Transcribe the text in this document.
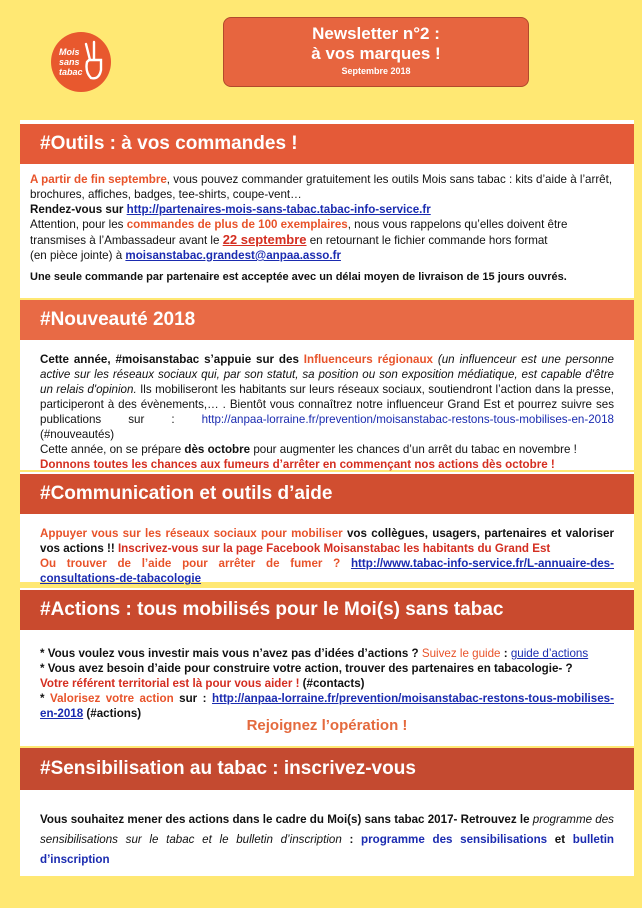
Mois
sans
tabac
Newsletter n°2 :
à vos marques !
Septembre 2018
#Outils : à vos commandes !
A partir de fin septembre, vous pouvez commander gratuitement les outils Mois sans tabac : kits d’aide à l’arrêt, brochures, affiches, badges, tee-shirts, coupe-vent…
Rendez-vous sur http://partenaires-mois-sans-tabac.tabac-info-service.fr
Attention, pour les commandes de plus de 100 exemplaires, nous vous rappelons qu’elles doivent être transmises à l’Ambassadeur avant le 22 septembre en retournant le fichier commande hors format
(en pièce jointe) à moisanstabac.grandest@anpaa.asso.fr
Une seule commande par partenaire est acceptée avec un délai moyen de livraison de 15 jours ouvrés.
#Nouveauté 2018
Cette année, #moisanstabac s’appuie sur des Influenceurs régionaux (un influenceur est une personne active sur les réseaux sociaux qui, par son statut, sa position ou son exposition médiatique, est capable d'être un relais d'opinion. Ils mobiliseront les habitants sur leurs réseaux sociaux, soutiendront l’action dans la presse, participeront à des évènements,… . Bientôt vous connaîtrez notre influenceur Grand Est et pourrez suivre ses publications sur : http://anpaa-lorraine.fr/prevention/moisanstabac-restons-tous-mobilises-en-2018 (#nouveautés)
Cette année, on se prépare dès octobre pour augmenter les chances d’un arrêt du tabac en novembre !
Donnons toutes les chances aux fumeurs d’arrêter en commençant nos actions dès octobre !
#Communication et outils d’aide
Appuyer vous sur les réseaux sociaux pour mobiliser vos collègues, usagers, partenaires et valoriser vos actions !! Inscrivez-vous sur la page Facebook Moisanstabac les habitants du Grand Est
Ou trouver de l’aide pour arrêter de fumer ? http://www.tabac-info-service.fr/L-annuaire-des-consultations-de-tabacologie
#Actions : tous mobilisés pour le Moi(s) sans tabac
* Vous voulez vous investir mais vous n’avez pas d’idées d’actions ? Suivez le guide : guide d’actions
* Vous avez besoin d’aide pour construire votre action, trouver des partenaires en tabacologie- ?
Votre référent territorial est là pour vous aider ! (#contacts)
* Valorisez votre action sur : http://anpaa-lorraine.fr/prevention/moisanstabac-restons-tous-mobilises-en-2018 (#actions)
Rejoignez l’opération !
#Sensibilisation au tabac : inscrivez-vous
Vous souhaitez mener des actions dans le cadre du Moi(s) sans tabac 2017- Retrouvez le programme des sensibilisations sur le tabac et le bulletin d’inscription : programme des sensibilisations et bulletin d’inscription
